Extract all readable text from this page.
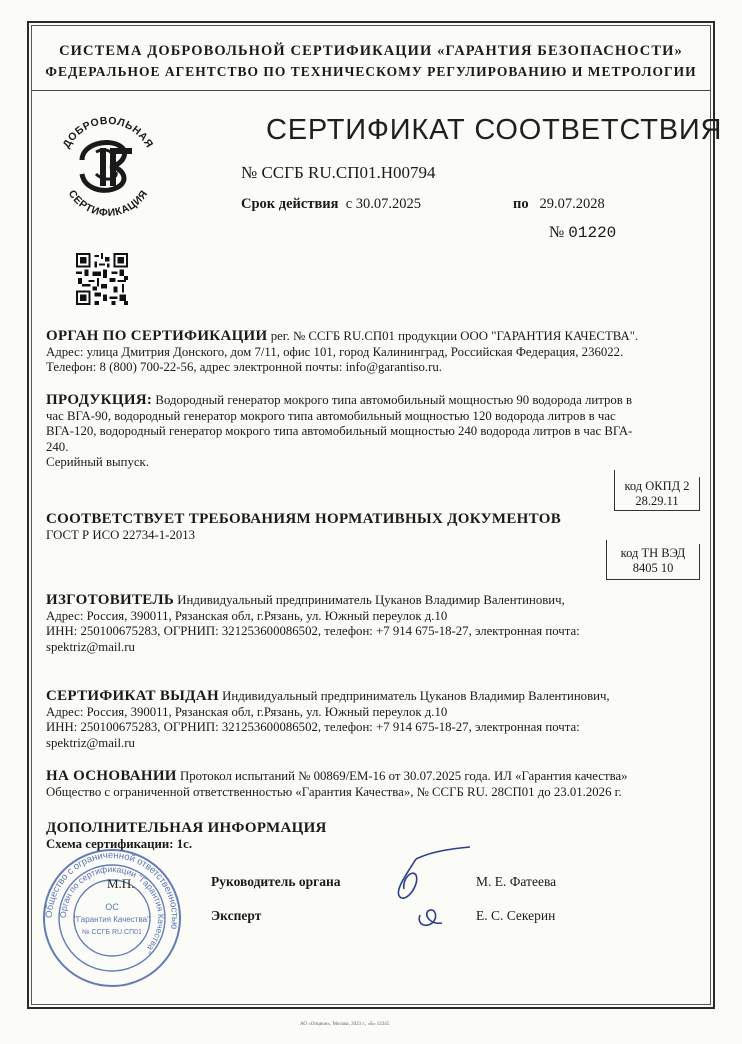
СИСТЕМА ДОБРОВОЛЬНОЙ СЕРТИФИКАЦИИ «ГАРАНТИЯ БЕЗОПАСНОСТИ»
ФЕДЕРАЛЬНОЕ АГЕНТСТВО ПО ТЕХНИЧЕСКОМУ РЕГУЛИРОВАНИЮ И МЕТРОЛОГИИ
ДОБРОВОЛЬНАЯ
СЕРТИФИКАЦИЯ
СЕРТИФИКАТ СООТВЕТСТВИЯ
№ ССГБ RU.СП01.Н00794
Срок действия с 30.07.2025	по 29.07.2028
№ 01220
ОРГАН ПО СЕРТИФИКАЦИИ рег. № ССГБ RU.СП01 продукции ООО "ГАРАНТИЯ КАЧЕСТВА".
Адрес: улица Дмитрия Донского, дом 7/11, офис 101, город Калининград, Российская Федерация, 236022.
Телефон: 8 (800) 700-22-56, адрес электронной почты: info@garantiso.ru.
ПРОДУКЦИЯ: Водородный генератор мокрого типа автомобильный мощностью 90 водорода литров в
час ВГА-90, водородный генератор мокрого типа автомобильный мощностью 120 водорода литров в час
ВГА-120, водородный генератор мокрого типа автомобильный мощностью 240 водорода литров в час ВГА-
240.
Серийный выпуск.
код ОКПД 2
28.29.11
СООТВЕТСТВУЕТ ТРЕБОВАНИЯМ НОРМАТИВНЫХ ДОКУМЕНТОВ
ГОСТ Р ИСО 22734-1-2013
код ТН ВЭД
8405 10
ИЗГОТОВИТЕЛЬ Индивидуальный предприниматель Цуканов Владимир Валентинович,
Адрес: Россия, 390011, Рязанская обл, г.Рязань, ул. Южный переулок д.10
ИНН: 250100675283, ОГРНИП: 321253600086502, телефон: +7 914 675-18-27, электронная почта:
spektriz@mail.ru
СЕРТИФИКАТ ВЫДАН Индивидуальный предприниматель Цуканов Владимир Валентинович,
Адрес: Россия, 390011, Рязанская обл, г.Рязань, ул. Южный переулок д.10
ИНН: 250100675283, ОГРНИП: 321253600086502, телефон: +7 914 675-18-27, электронная почта:
spektriz@mail.ru
НА ОСНОВАНИИ Протокол испытаний № 00869/ЕМ-16 от 30.07.2025 года. ИЛ «Гарантия качества»
Общество с ограниченной ответственностью «Гарантия Качества», № ССГБ RU. 28СП01 до 23.01.2026 г.
ДОПОЛНИТЕЛЬНАЯ ИНФОРМАЦИЯ
Схема сертификации: 1с.
Общество с ограниченной ответственностью
Орган по сертификации "Гарантия Качества"
ОС
"Гарантия Качества"
№ ССГБ RU.СП01
М.П.	Руководитель органа
Эксперт
М. Е. Фатеева
Е. С. Секерин
АО «Опцион», Москва, 2023 г., «Б» 12345
